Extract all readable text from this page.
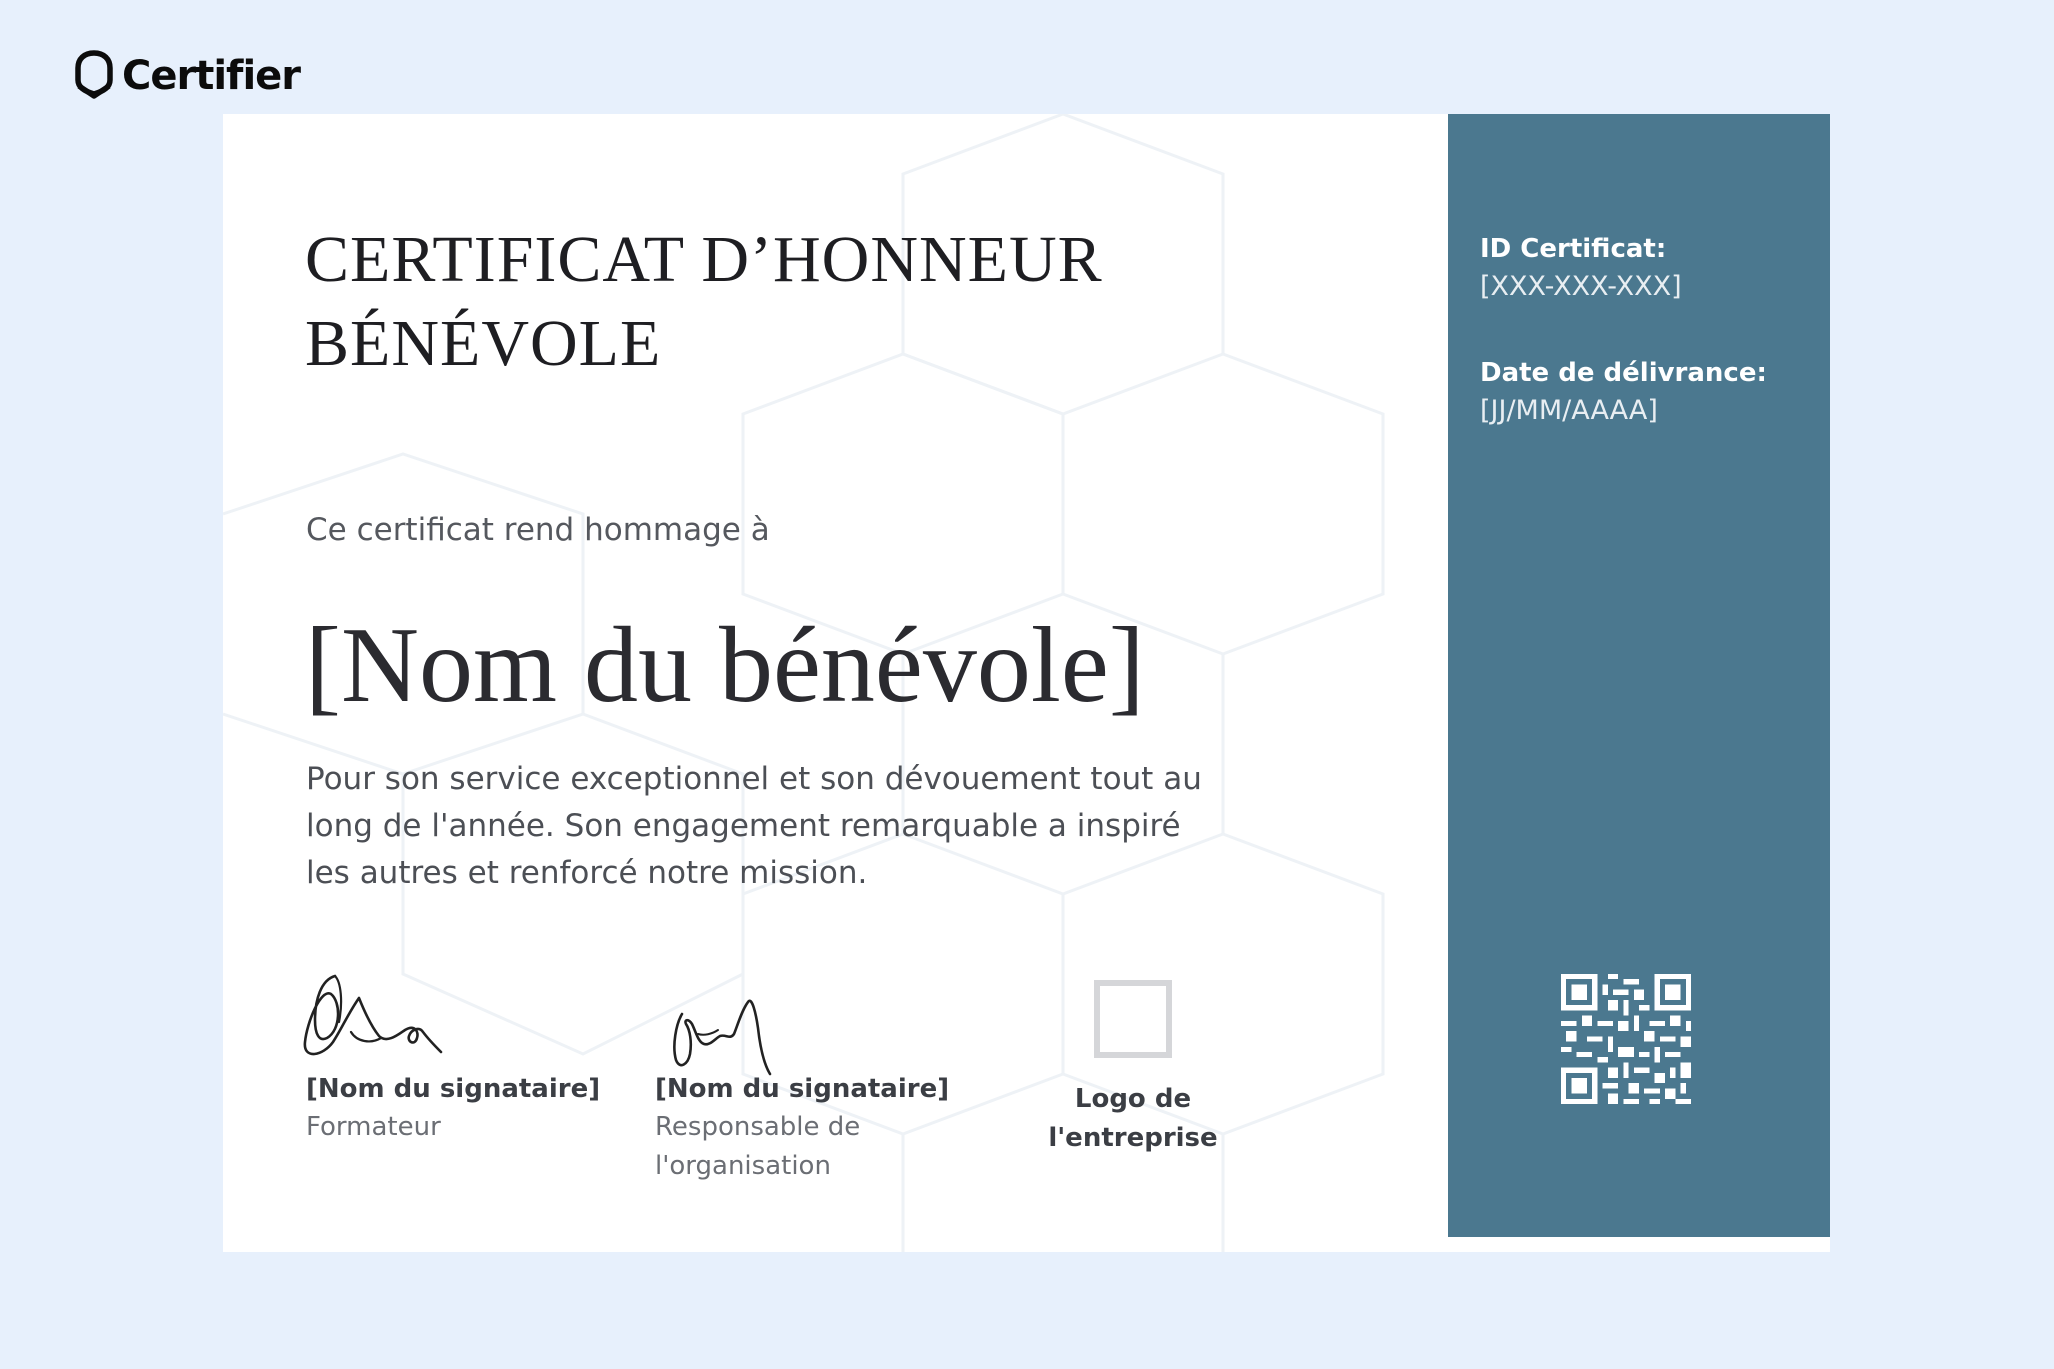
Certifier
CERTIFICAT D’HONNEUR
BÉNÉVOLE
Ce certificat rend hommage à
[Nom du bénévole]
Pour son service exceptionnel et son dévouement tout au long de l'année. Son engagement remarquable a inspiré les autres et renforcé notre mission.
[Nom du signataire]
Formateur
[Nom du signataire]
Responsable de
l'organisation
Logo de
l'entreprise
ID Certificat:
[XXX-XXX-XXX]
Date de délivrance:
[JJ/MM/AAAA]
